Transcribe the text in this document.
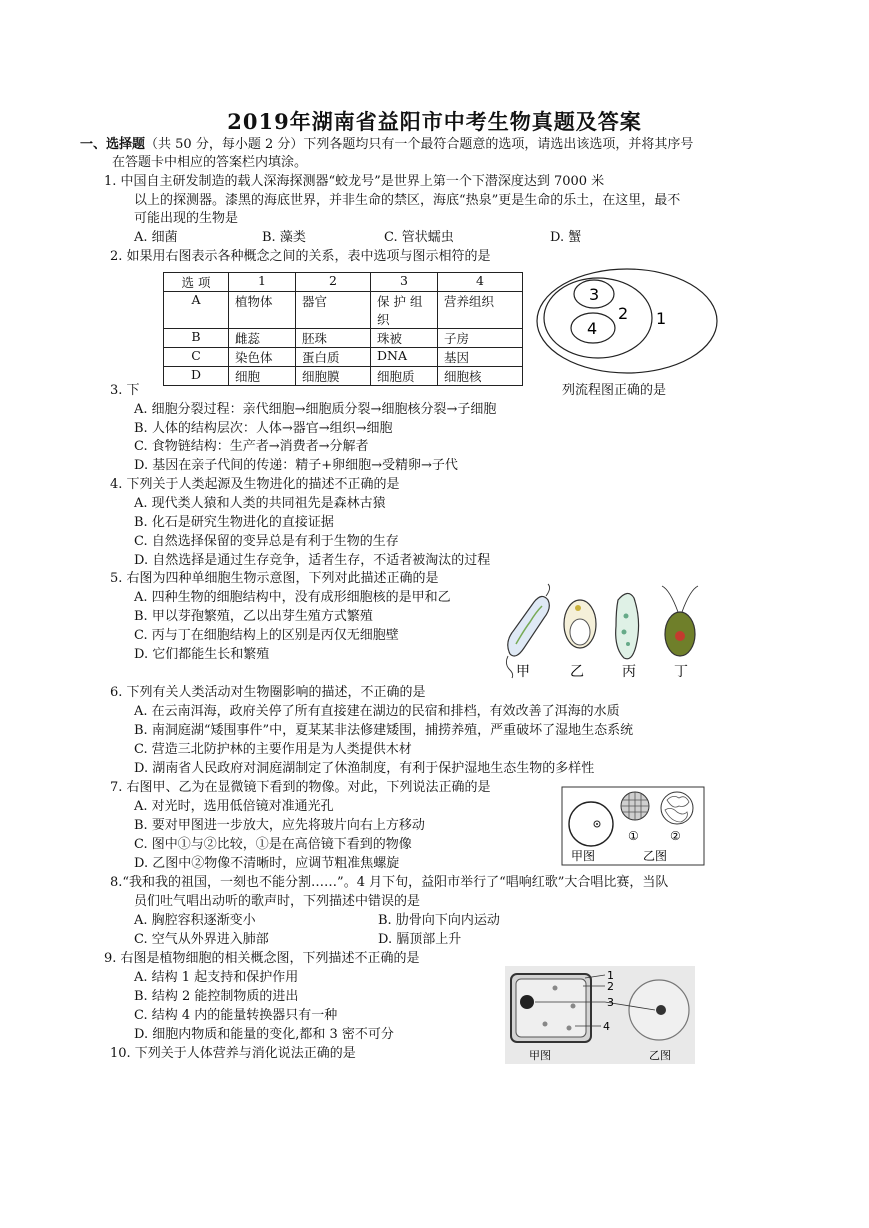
2019年湖南省益阳市中考生物真题及答案
一、选择题（共 50 分，每小题 2 分）下列各题均只有一个最符合题意的选项，请选出该选项，并将其序号
在答题卡中相应的答案栏内填涂。
1. 中国自主研发制造的载人深海探测器“蛟龙号”是世界上第一个下潜深度达到 7000 米
以上的探测器。漆黑的海底世界，并非生命的禁区，海底“热泉”更是生命的乐土，在这里，最不
可能出现的生物是
A. 细菌	B. 藻类	C. 管状蠕虫	D. 蟹
2. 如果用右图表示各种概念之间的关系，表中选项与图示相符的是
选 项	1	2	3	4
A	植物体	器官	保 护 组	营养组织
			织	
B	雌蕊	胚珠	珠被	子房
C	染色体	蛋白质	DNA	基因
D	细胞	细胞膜	细胞质	细胞核
3
4
2 1
3. 下	列流程图正确的是
A. 细胞分裂过程：亲代细胞→细胞质分裂→细胞核分裂→子细胞
B. 人体的结构层次：人体→器官→组织→细胞
C. 食物链结构：生产者→消费者→分解者
D. 基因在亲子代间的传递：精子+卵细胞→受精卵→子代
4. 下列关于人类起源及生物进化的描述不正确的是
A. 现代类人猿和人类的共同祖先是森林古猿
B. 化石是研究生物进化的直接证据
C. 自然选择保留的变异总是有利于生物的生存
D. 自然选择是通过生存竞争，适者生存，不适者被淘汰的过程
5. 右图为四种单细胞生物示意图，下列对此描述正确的是
A. 四种生物的细胞结构中，没有成形细胞核的是甲和乙
B. 甲以芽孢繁殖，乙以出芽生殖方式繁殖
C. 丙与丁在细胞结构上的区别是丙仅无细胞壁
D. 它们都能生长和繁殖
甲	乙	丙	丁
6. 下列有关人类活动对生物圈影响的描述，不正确的是
A. 在云南洱海，政府关停了所有直接建在湖边的民宿和排档，有效改善了洱海的水质
B. 南洞庭湖“矮围事件”中，夏某某非法修建矮围，捕捞养殖，严重破坏了湿地生态系统
C. 营造三北防护林的主要作用是为人类提供木材
D. 湖南省人民政府对洞庭湖制定了休渔制度，有利于保护湿地生态生物的多样性
7. 右图甲、乙为在显微镜下看到的物像。对此，下列说法正确的是
A. 对光时，选用低倍镜对准通光孔
B. 要对甲图进一步放大，应先将玻片向右上方移动
C. 图中①与②比较，①是在高倍镜下看到的物像
D. 乙图中②物像不清晰时，应调节粗准焦螺旋
①	②
甲图	乙图
8.“我和我的祖国，一刻也不能分割……”。4 月下旬，益阳市举行了“唱响红歌”大合唱比赛，当队
员们吐气唱出动听的歌声时，下列描述中错误的是
A. 胸腔容积逐渐变小	B. 肋骨向下向内运动
C. 空气从外界进入肺部	D. 膈顶部上升
9. 右图是植物细胞的相关概念图，下列描述不正确的是
A. 结构 1 起支持和保护作用
B. 结构 2 能控制物质的进出
C. 结构 4 内的能量转换器只有一种
D. 细胞内物质和能量的变化,都和 3 密不可分
1
2
3
4
甲图	乙图
10. 下列关于人体营养与消化说法正确的是
